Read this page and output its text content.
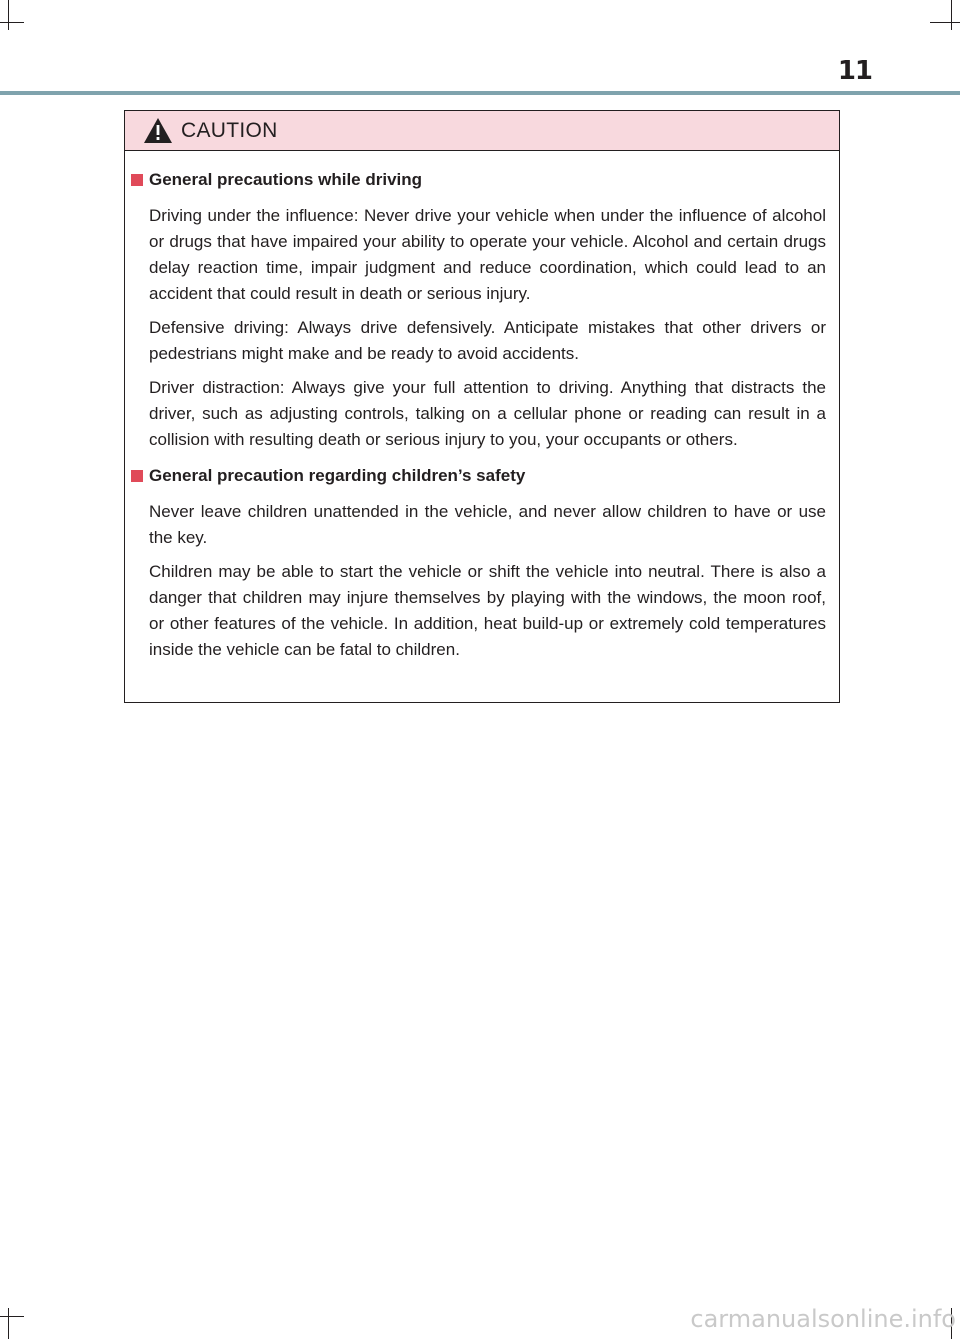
11
CAUTION
General precautions while driving

Driving under the influence: Never drive your vehicle when under the influence of alcohol or drugs that have impaired your ability to operate your vehicle. Alcohol and certain drugs delay reaction time, impair judgment and reduce coordination, which could lead to an accident that could result in death or serious injury.

Defensive driving: Always drive defensively. Anticipate mistakes that other drivers or pedestrians might make and be ready to avoid accidents.

Driver distraction: Always give your full attention to driving. Anything that distracts the driver, such as adjusting controls, talking on a cellular phone or reading can result in a collision with resulting death or serious injury to you, your occupants or others.

General precaution regarding children’s safety

Never leave children unattended in the vehicle, and never allow children to have or use the key.

Children may be able to start the vehicle or shift the vehicle into neutral. There is also a danger that children may injure themselves by playing with the windows, the moon roof, or other features of the vehicle. In addition, heat build-up or extremely cold temperatures inside the vehicle can be fatal to children.

carmanualsonline.info
